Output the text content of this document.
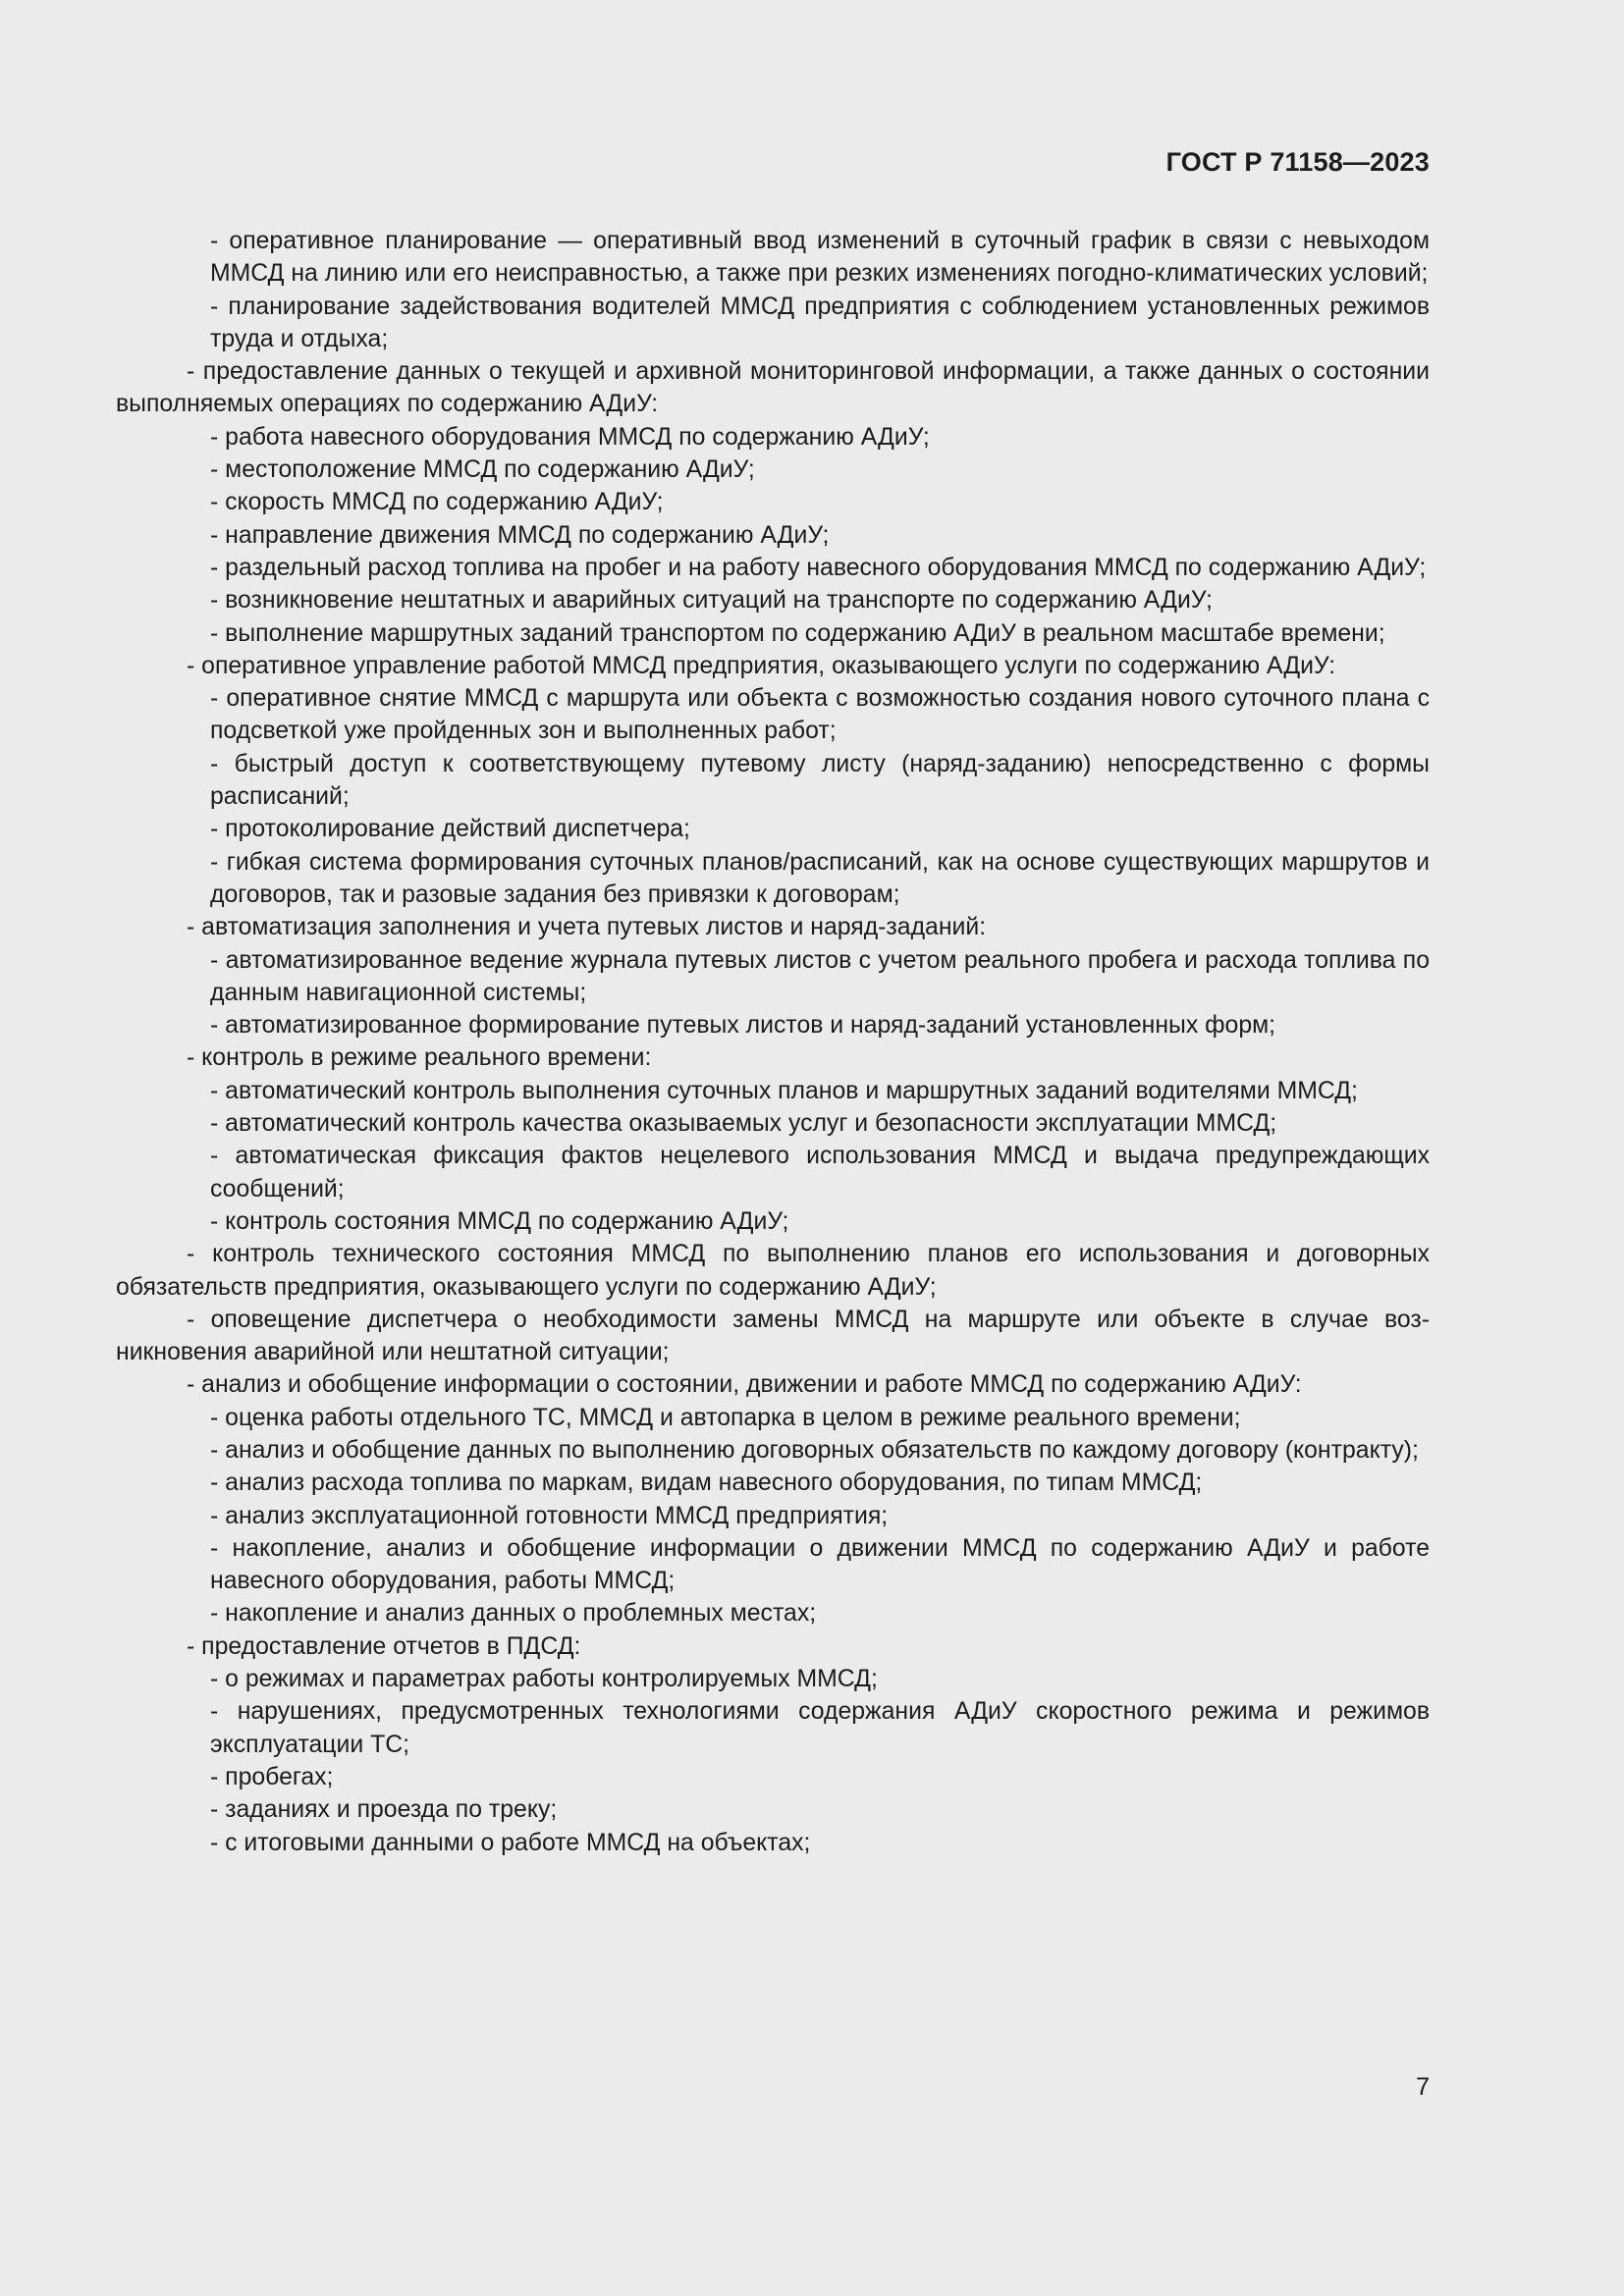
ГОСТ Р 71158—2023

- оперативное планирование — оперативный ввод изменений в суточный график в связи с невыходом ММСД на линию или его неисправностью, а также при резких изменениях погодно-климатических условий;

- планирование задействования водителей ММСД предприятия с соблюдением установленных режимов труда и отдыха;

- предоставление данных о текущей и архивной мониторинговой информации, а также данных о состоянии выполняемых операциях по содержанию АДиУ:

- работа навесного оборудования ММСД по содержанию АДиУ;

- местоположение ММСД по содержанию АДиУ;

- скорость ММСД по содержанию АДиУ;

- направление движения ММСД по содержанию АДиУ;

- раздельный расход топлива на пробег и на работу навесного оборудования ММСД по содержанию АДиУ;

- возникновение нештатных и аварийных ситуаций на транспорте по содержанию АДиУ;

- выполнение маршрутных заданий транспортом по содержанию АДиУ в реальном масштабе времени;

- оперативное управление работой ММСД предприятия, оказывающего услуги по содержанию АДиУ:

- оперативное снятие ММСД с маршрута или объекта с возможностью создания нового суточного плана с подсветкой уже пройденных зон и выполненных работ;

- быстрый доступ к соответствующему путевому листу (наряд-заданию) непосредственно с формы расписаний;

- протоколирование действий диспетчера;

- гибкая система формирования суточных планов/расписаний, как на основе существующих маршрутов и договоров, так и разовые задания без привязки к договорам;

- автоматизация заполнения и учета путевых листов и наряд-заданий:

- автоматизированное ведение журнала путевых листов с учетом реального пробега и расхода топлива по данным навигационной системы;

- автоматизированное формирование путевых листов и наряд-заданий установленных форм;

- контроль в режиме реального времени:

- автоматический контроль выполнения суточных планов и маршрутных заданий водителями ММСД;

- автоматический контроль качества оказываемых услуг и безопасности эксплуатации ММСД;

- автоматическая фиксация фактов нецелевого использования ММСД и выдача предупреждающих сообщений;

- контроль состояния ММСД по содержанию АДиУ;

- контроль технического состояния ММСД по выполнению планов его использования и договорных обязательств предприятия, оказывающего услуги по содержанию АДиУ;

- оповещение диспетчера о необходимости замены ММСД на маршруте или объекте в случае возникновения аварийной или нештатной ситуации;

- анализ и обобщение информации о состоянии, движении и работе ММСД по содержанию АДиУ:

- оценка работы отдельного ТС, ММСД и автопарка в целом в режиме реального времени;

- анализ и обобщение данных по выполнению договорных обязательств по каждому договору (контракту);

- анализ расхода топлива по маркам, видам навесного оборудования, по типам ММСД;

- анализ эксплуатационной готовности ММСД предприятия;

- накопление, анализ и обобщение информации о движении ММСД по содержанию АДиУ и работе навесного оборудования, работы ММСД;

- накопление и анализ данных о проблемных местах;

- предоставление отчетов в ПДСД:

- о режимах и параметрах работы контролируемых ММСД;

- нарушениях, предусмотренных технологиями содержания АДиУ скоростного режима и режимов эксплуатации ТС;

- пробегах;

- заданиях и проезда по треку;

- с итоговыми данными о работе ММСД на объектах;

7
